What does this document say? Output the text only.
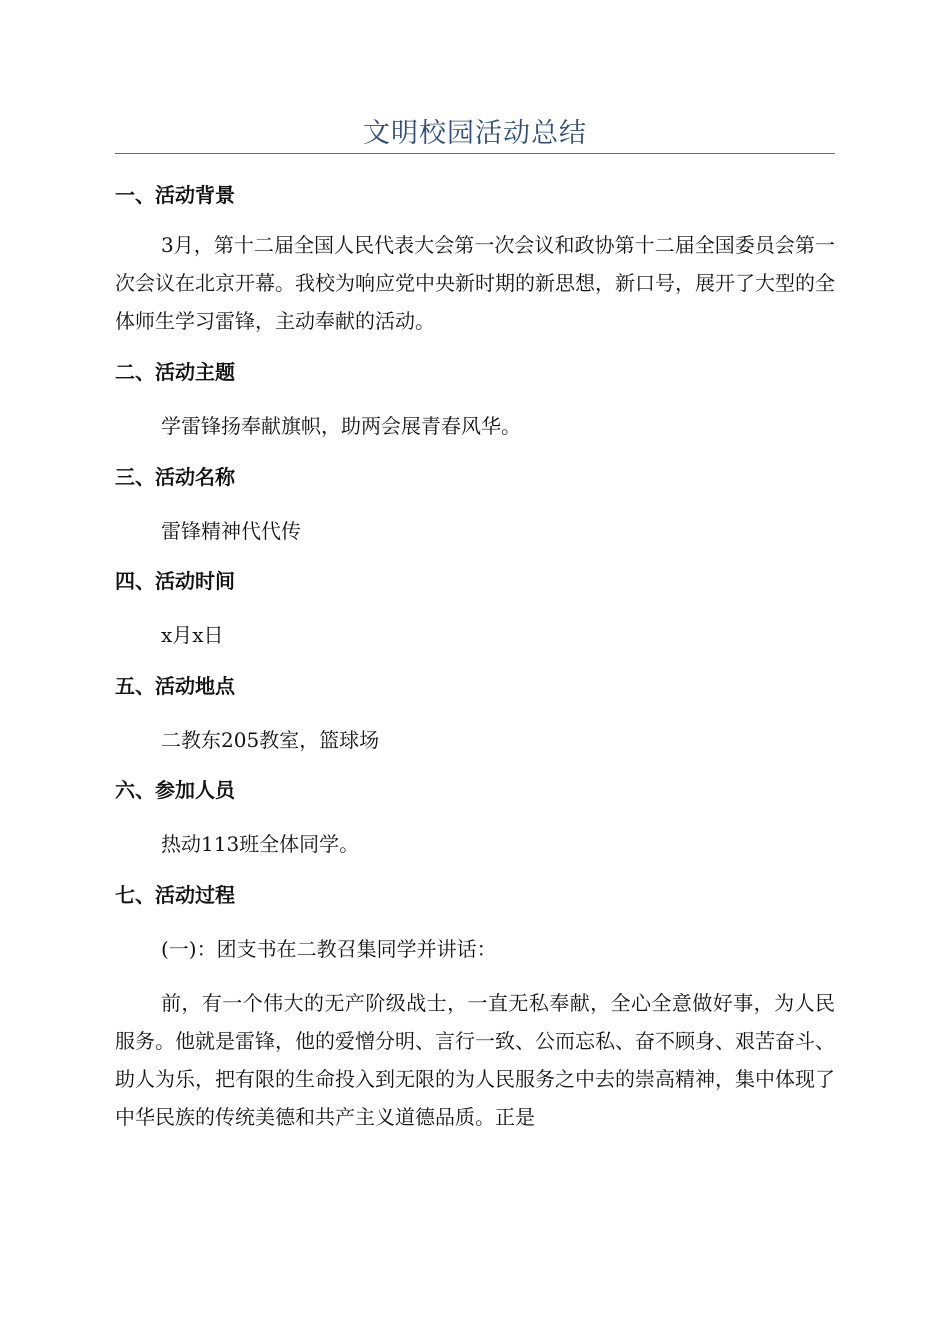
文明校园活动总结
一、活动背景

3月，第十二届全国人民代表大会第一次会议和政协第十二届全国委员会第一次会议在北京开幕。我校为响应党中央新时期的新思想，新口号，展开了大型的全体师生学习雷锋，主动奉献的活动。

二、活动主题

学雷锋扬奉献旗帜，助两会展青春风华。

三、活动名称

雷锋精神代代传

四、活动时间

x月x日

五、活动地点

二教东205教室，篮球场

六、参加人员

热动113班全体同学。

七、活动过程

(一)：团支书在二教召集同学并讲话：

前，有一个伟大的无产阶级战士，一直无私奉献，全心全意做好事，为人民服务。他就是雷锋，他的爱憎分明、言行一致、公而忘私、奋不顾身、艰苦奋斗、助人为乐，把有限的生命投入到无限的为人民服务之中去的崇高精神，集中体现了中华民族的传统美德和共产主义道德品质。正是
